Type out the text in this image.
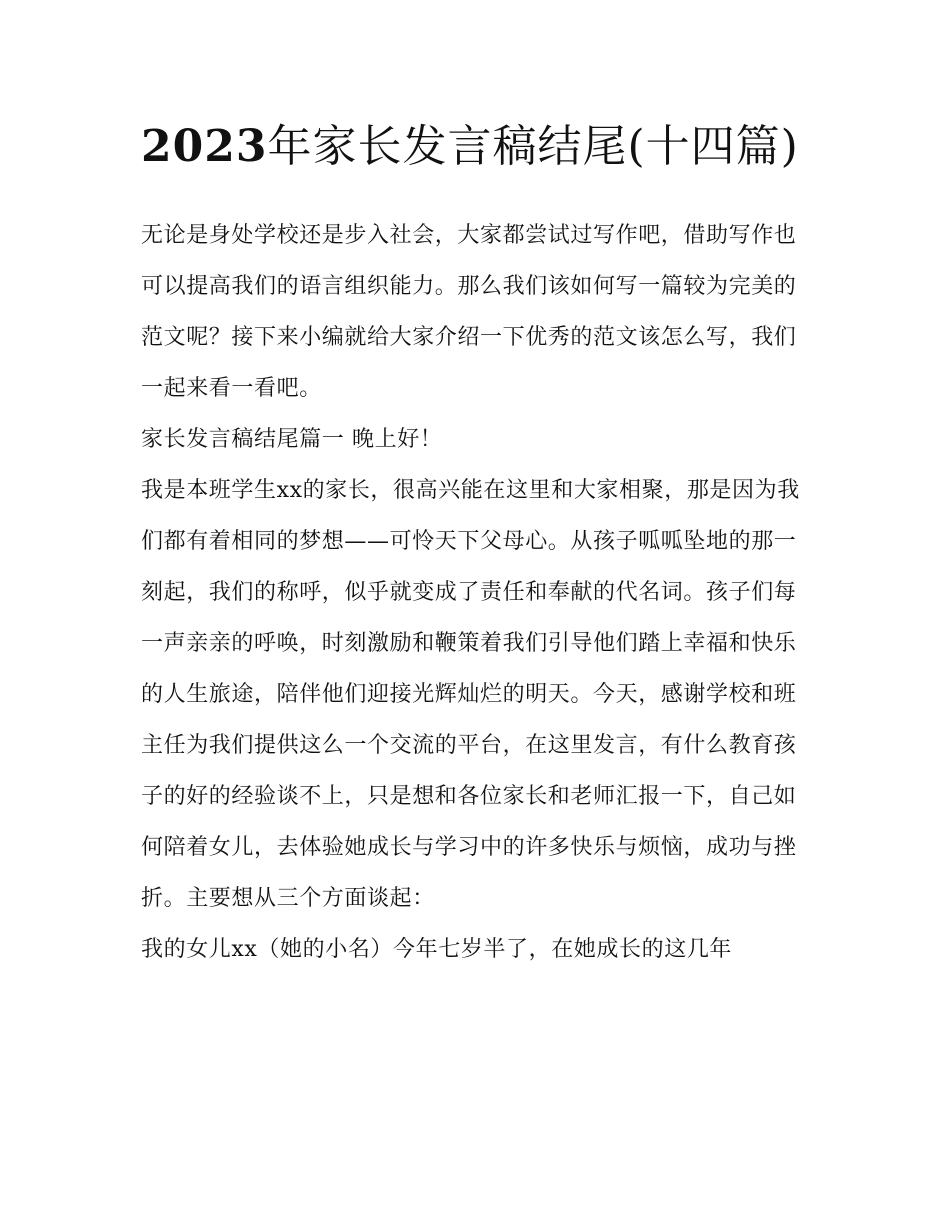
2023年家长发言稿结尾(十四篇)

无论是身处学校还是步入社会，大家都尝试过写作吧，借助写作也可以提高我们的语言组织能力。那么我们该如何写一篇较为完美的范文呢？接下来小编就给大家介绍一下优秀的范文该怎么写，我们一起来看一看吧。

家长发言稿结尾篇一 晚上好！

我是本班学生xx的家长，很高兴能在这里和大家相聚，那是因为我们都有着相同的梦想——可怜天下父母心。从孩子呱呱坠地的那一刻起，我们的称呼，似乎就变成了责任和奉献的代名词。孩子们每一声亲亲的呼唤，时刻激励和鞭策着我们引导他们踏上幸福和快乐的人生旅途，陪伴他们迎接光辉灿烂的明天。今天，感谢学校和班主任为我们提供这么一个交流的平台，在这里发言，有什么教育孩子的好的经验谈不上，只是想和各位家长和老师汇报一下，自己如何陪着女儿，去体验她成长与学习中的许多快乐与烦恼，成功与挫折。主要想从三个方面谈起：

我的女儿xx（她的小名）今年七岁半了，在她成长的这几年
